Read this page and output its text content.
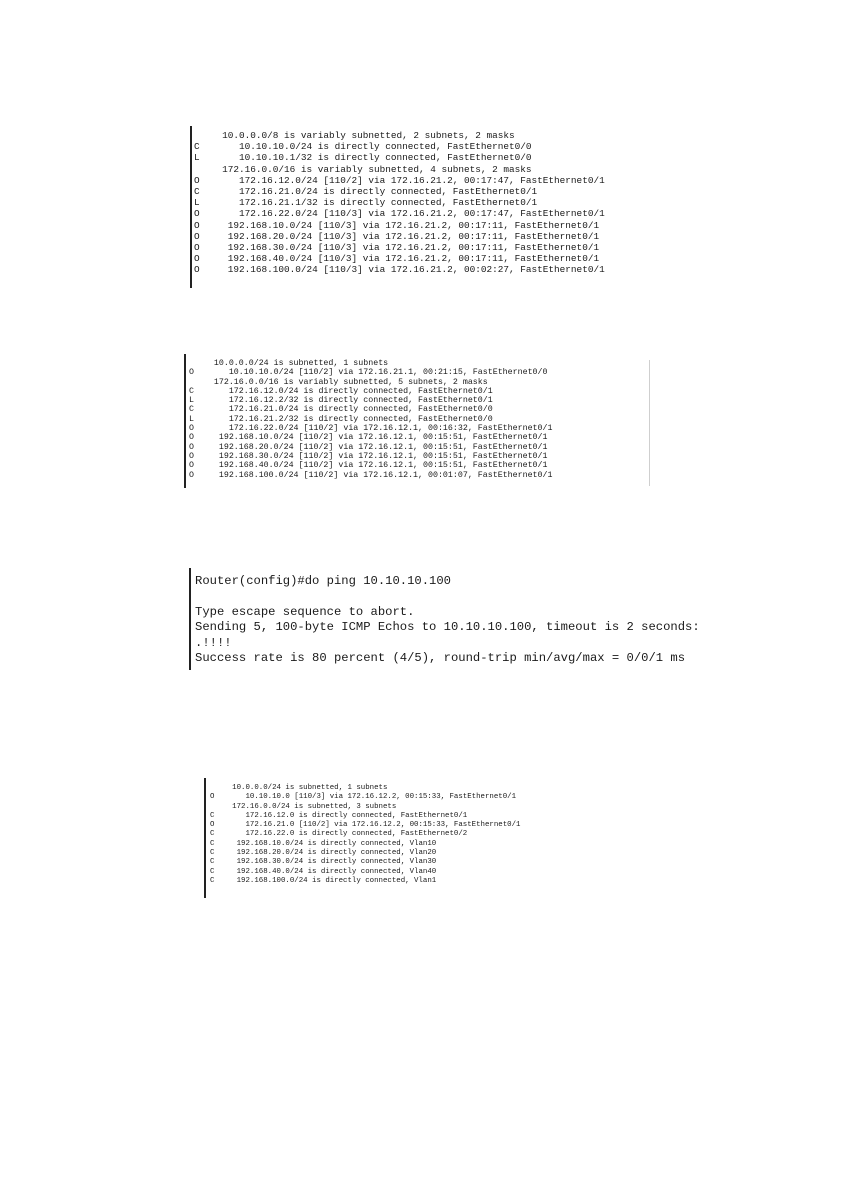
10.0.0.0/8 is variably subnetted, 2 subnets, 2 masks
C       10.10.10.0/24 is directly connected, FastEthernet0/0
L       10.10.10.1/32 is directly connected, FastEthernet0/0
172.16.0.0/16 is variably subnetted, 4 subnets, 2 masks
O       172.16.12.0/24 [110/2] via 172.16.21.2, 00:17:47, FastEthernet0/1
C       172.16.21.0/24 is directly connected, FastEthernet0/1
L       172.16.21.1/32 is directly connected, FastEthernet0/1
O       172.16.22.0/24 [110/3] via 172.16.21.2, 00:17:47, FastEthernet0/1
O     192.168.10.0/24 [110/3] via 172.16.21.2, 00:17:11, FastEthernet0/1
O     192.168.20.0/24 [110/3] via 172.16.21.2, 00:17:11, FastEthernet0/1
O     192.168.30.0/24 [110/3] via 172.16.21.2, 00:17:11, FastEthernet0/1
O     192.168.40.0/24 [110/3] via 172.16.21.2, 00:17:11, FastEthernet0/1
O     192.168.100.0/24 [110/3] via 172.16.21.2, 00:02:27, FastEthernet0/1
10.0.0.0/24 is subnetted, 1 subnets
O       10.10.10.0/24 [110/2] via 172.16.21.1, 00:21:15, FastEthernet0/0
172.16.0.0/16 is variably subnetted, 5 subnets, 2 masks
C       172.16.12.0/24 is directly connected, FastEthernet0/1
L       172.16.12.2/32 is directly connected, FastEthernet0/1
C       172.16.21.0/24 is directly connected, FastEthernet0/0
L       172.16.21.2/32 is directly connected, FastEthernet0/0
O       172.16.22.0/24 [110/2] via 172.16.12.1, 00:16:32, FastEthernet0/1
O     192.168.10.0/24 [110/2] via 172.16.12.1, 00:15:51, FastEthernet0/1
O     192.168.20.0/24 [110/2] via 172.16.12.1, 00:15:51, FastEthernet0/1
O     192.168.30.0/24 [110/2] via 172.16.12.1, 00:15:51, FastEthernet0/1
O     192.168.40.0/24 [110/2] via 172.16.12.1, 00:15:51, FastEthernet0/1
O     192.168.100.0/24 [110/2] via 172.16.12.1, 00:01:07, FastEthernet0/1
Router(config)#do ping 10.10.10.100

Type escape sequence to abort.
Sending 5, 100-byte ICMP Echos to 10.10.10.100, timeout is 2 seconds:
.!!!!
Success rate is 80 percent (4/5), round-trip min/avg/max = 0/0/1 ms
10.0.0.0/24 is subnetted, 1 subnets
O       10.10.10.0 [110/3] via 172.16.12.2, 00:15:33, FastEthernet0/1
172.16.0.0/24 is subnetted, 3 subnets
C       172.16.12.0 is directly connected, FastEthernet0/1
O       172.16.21.0 [110/2] via 172.16.12.2, 00:15:33, FastEthernet0/1
C       172.16.22.0 is directly connected, FastEthernet0/2
C     192.168.10.0/24 is directly connected, Vlan10
C     192.168.20.0/24 is directly connected, Vlan20
C     192.168.30.0/24 is directly connected, Vlan30
C     192.168.40.0/24 is directly connected, Vlan40
C     192.168.100.0/24 is directly connected, Vlan1
